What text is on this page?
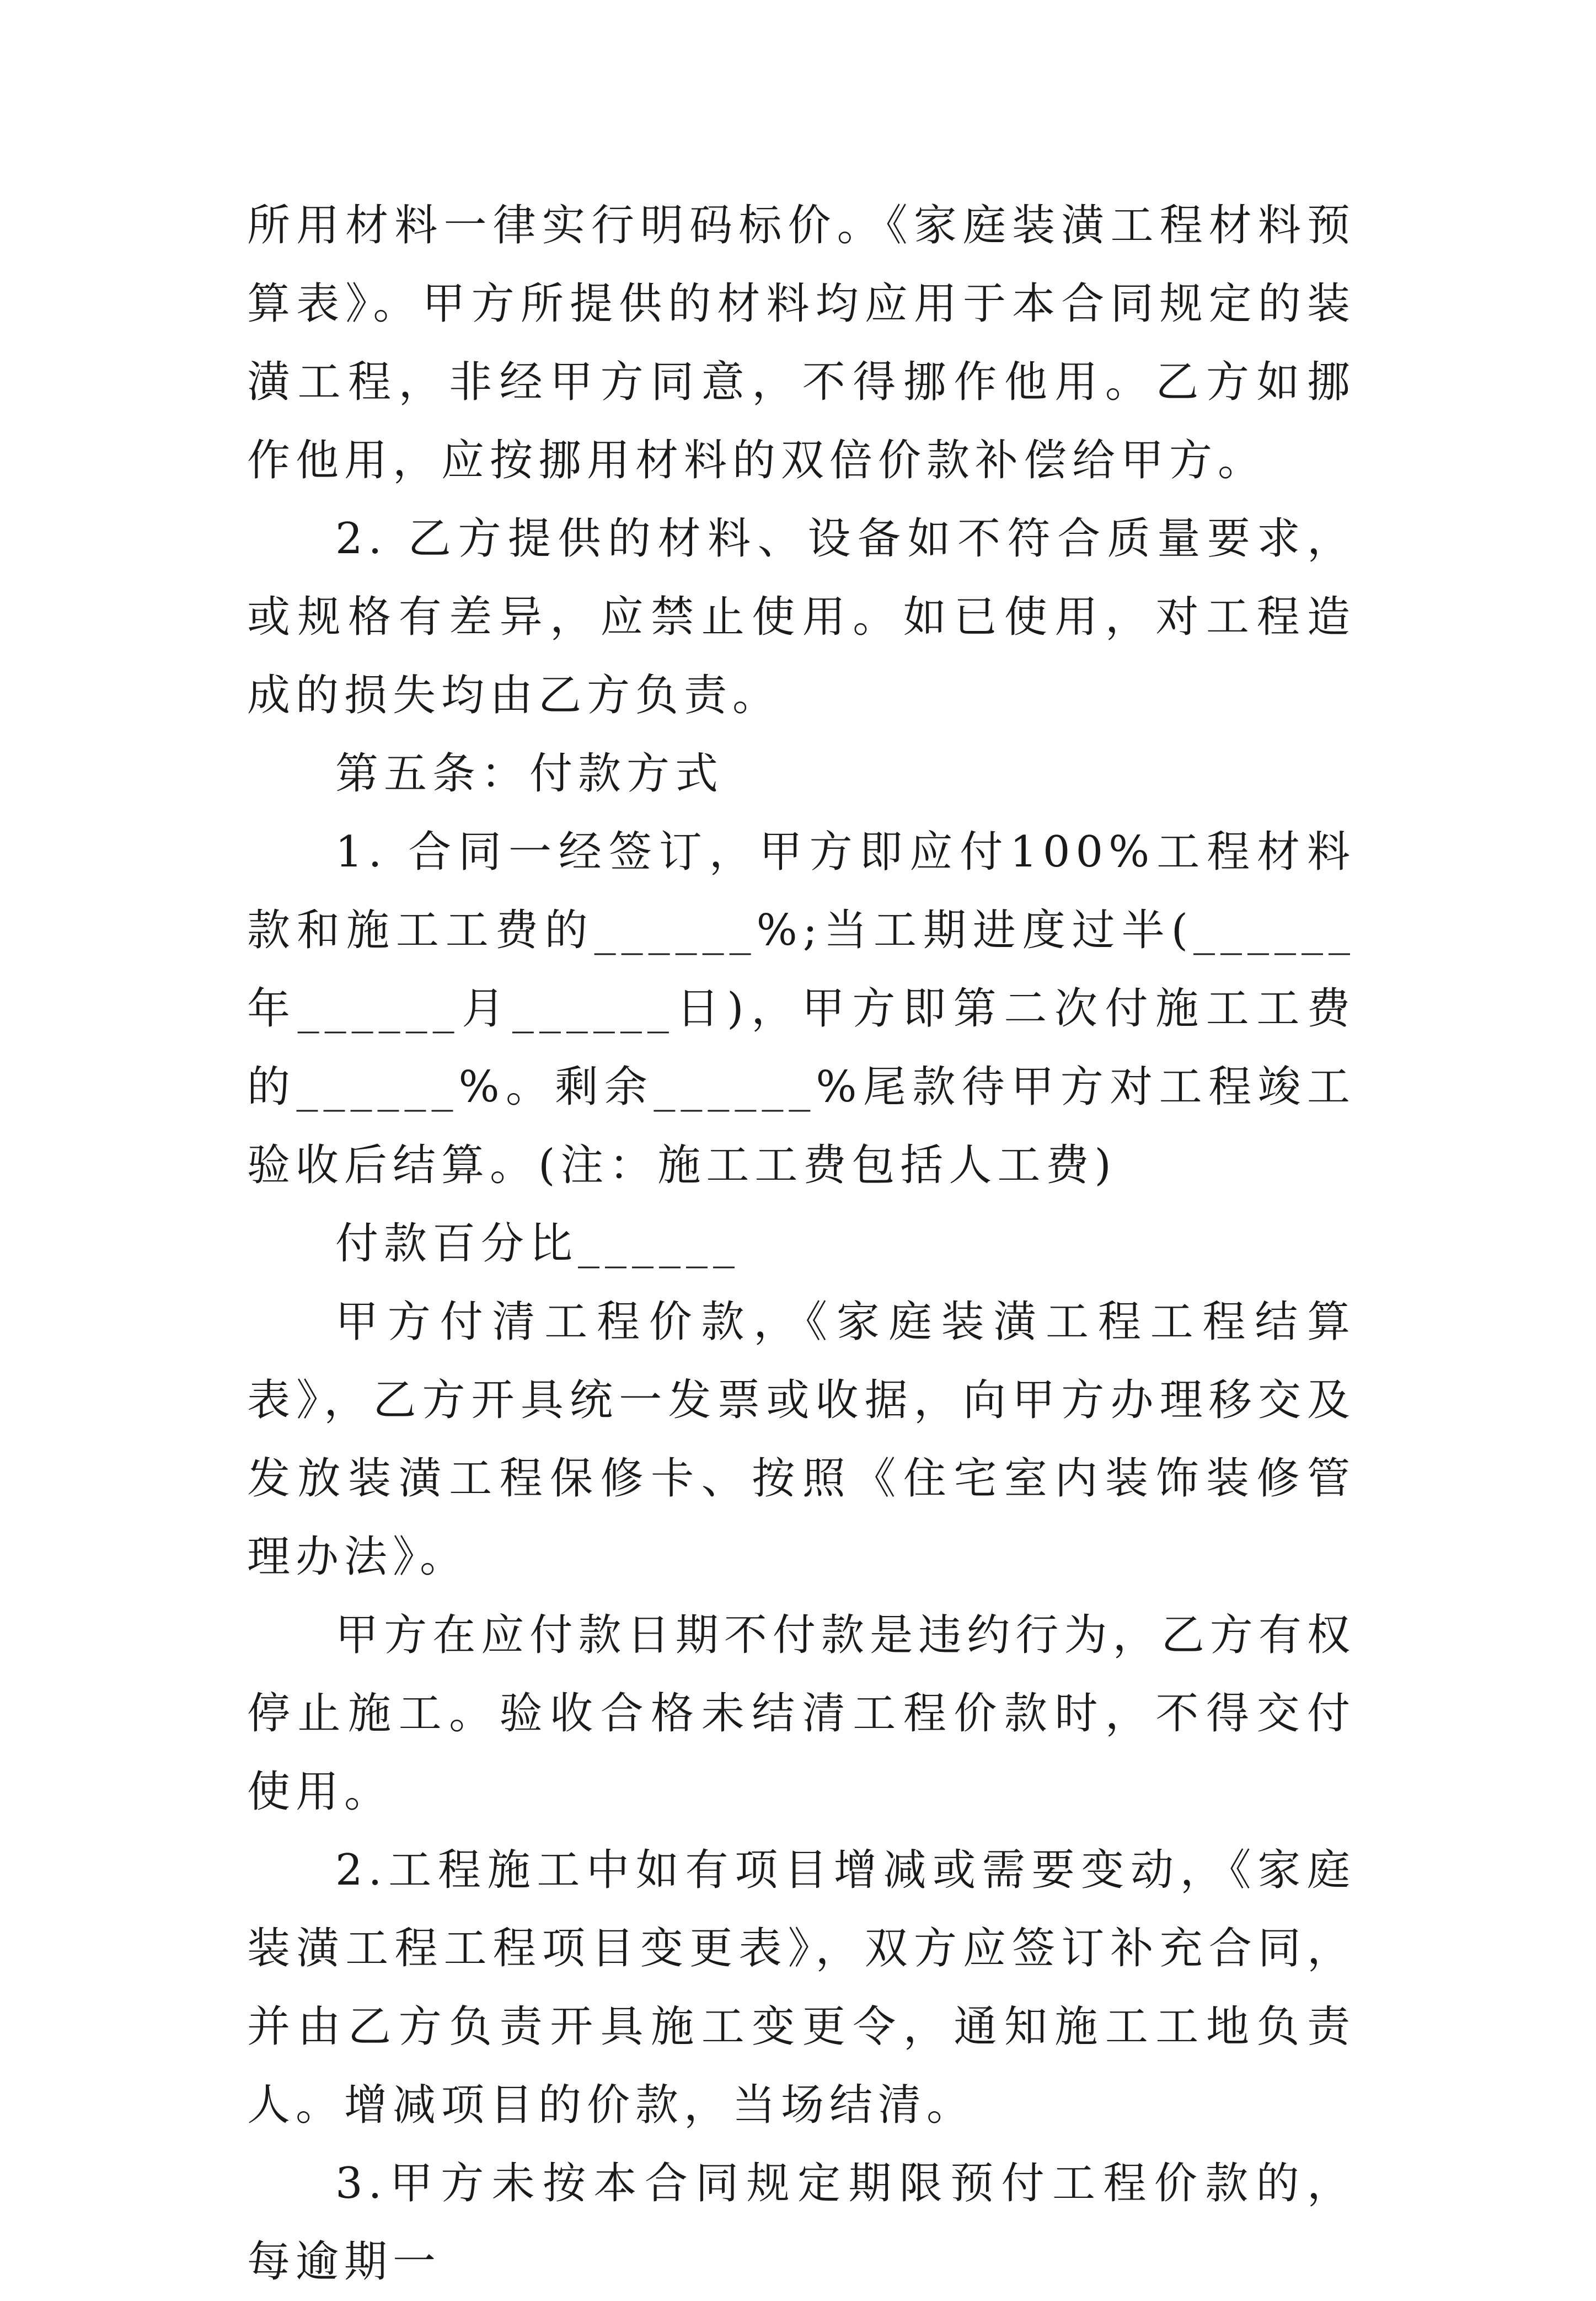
所用材料一律实行明码标价。《家庭装潢工程材料预算表》。甲方所提供的材料均应用于本合同规定的装潢工程，非经甲方同意，不得挪作他用。乙方如挪作他用，应按挪用材料的双倍价款补偿给甲方。

2. 乙方提供的材料、设备如不符合质量要求，或规格有差异，应禁止使用。如已使用，对工程造成的损失均由乙方负责。

第五条：付款方式

1. 合同一经签订，甲方即应付100%工程材料款和施工工费的______%;当工期进度过半(______年______月______日)，甲方即第二次付施工工费的______%。剩余______%尾款待甲方对工程竣工验收后结算。(注：施工工费包括人工费)

付款百分比______

甲方付清工程价款，《家庭装潢工程工程结算表》，乙方开具统一发票或收据，向甲方办理移交及发放装潢工程保修卡、按照《住宅室内装饰装修管理办法》。

甲方在应付款日期不付款是违约行为，乙方有权停止施工。验收合格未结清工程价款时，不得交付使用。

2.工程施工中如有项目增减或需要变动，《家庭装潢工程工程项目变更表》，双方应签订补充合同，并由乙方负责开具施工变更令，通知施工工地负责人。增减项目的价款，当场结清。

3.甲方未按本合同规定期限预付工程价款的，每逾期一
